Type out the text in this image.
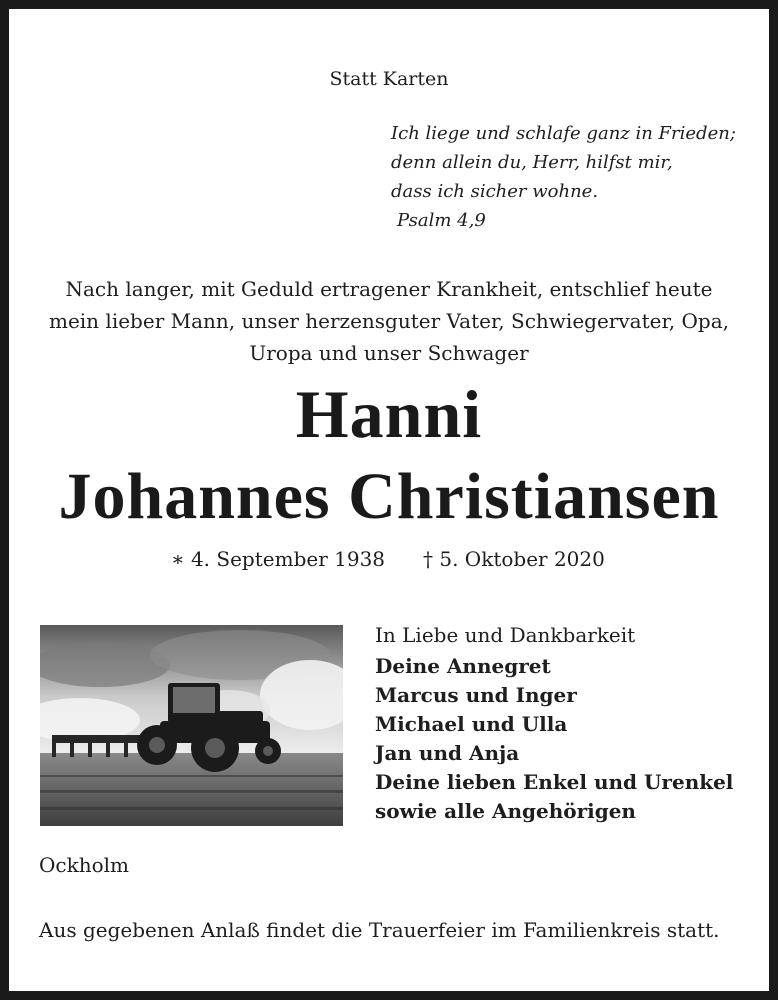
Statt Karten
Ich liege und schlafe ganz in Frieden;
denn allein du, Herr, hilfst mir,
dass ich sicher wohne.
Psalm 4,9
Nach langer, mit Geduld ertragener Krankheit, entschlief heute
mein lieber Mann, unser herzensguter Vater, Schwiegervater, Opa,
Uropa und unser Schwager
Hanni
Johannes Christiansen
∗ 4. September 1938 † 5. Oktober 2020
In Liebe und Dankbarkeit
Deine Annegret
Marcus und Inger
Michael und Ulla
Jan und Anja
Deine lieben Enkel und Urenkel
sowie alle Angehörigen
Ockholm
Aus gegebenen Anlaß findet die Trauerfeier im Familienkreis statt.
